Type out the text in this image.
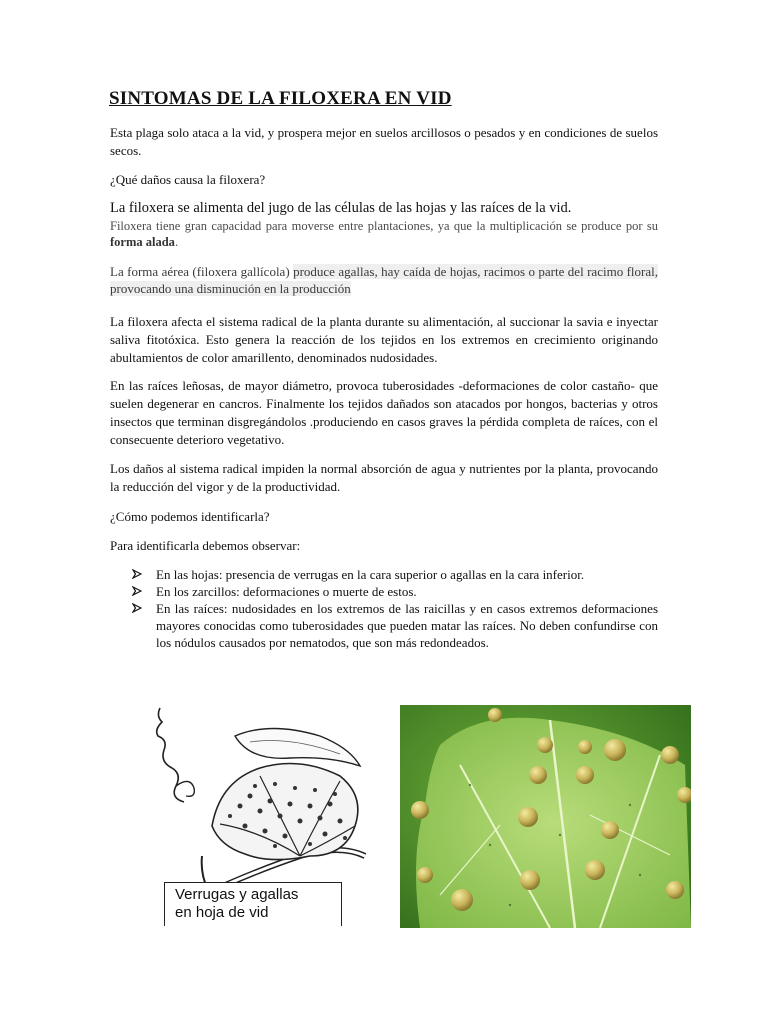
SINTOMAS DE LA FILOXERA EN VID
Esta plaga solo ataca a la vid, y prospera mejor en suelos arcillosos o pesados y en condiciones de suelos secos.
¿Qué daños causa la filoxera?
La filoxera se alimenta del jugo de las células de las hojas y las raíces de la vid.
Filoxera tiene gran capacidad para moverse entre plantaciones, ya que la multiplicación se produce por su forma alada.
La forma aérea (filoxera gallícola) produce agallas, hay caída de hojas, racimos o parte del racimo floral, provocando una disminución en la producción
La filoxera afecta el sistema radical de la planta durante su alimentación, al succionar la savia e inyectar saliva fitotóxica. Esto genera la reacción de los tejidos en los extremos en crecimiento originando abultamientos de color amarillento, denominados nudosidades.
En las raíces leñosas, de mayor diámetro, provoca tuberosidades -deformaciones de color castaño- que suelen degenerar en cancros. Finalmente los tejidos dañados son atacados por hongos, bacterias y otros insectos que terminan disgregándolos .produciendo en casos graves la pérdida completa de raíces, con el consecuente deterioro vegetativo.
Los daños al sistema radical impiden la normal absorción de agua y nutrientes por la planta, provocando la reducción del vigor y de la productividad.
¿Cómo podemos identificarla?
Para identificarla debemos observar:
En las hojas: presencia de verrugas en la cara superior o agallas en la cara inferior.
En los zarcillos: deformaciones o muerte de estos.
En las raíces: nudosidades en los extremos de las raicillas y en casos extremos deformaciones mayores conocidas como tuberosidades que pueden matar las raíces. No deben confundirse con los nódulos causados por nematodos, que son más redondeados.
Verrugas y agallas
en hoja de vid
